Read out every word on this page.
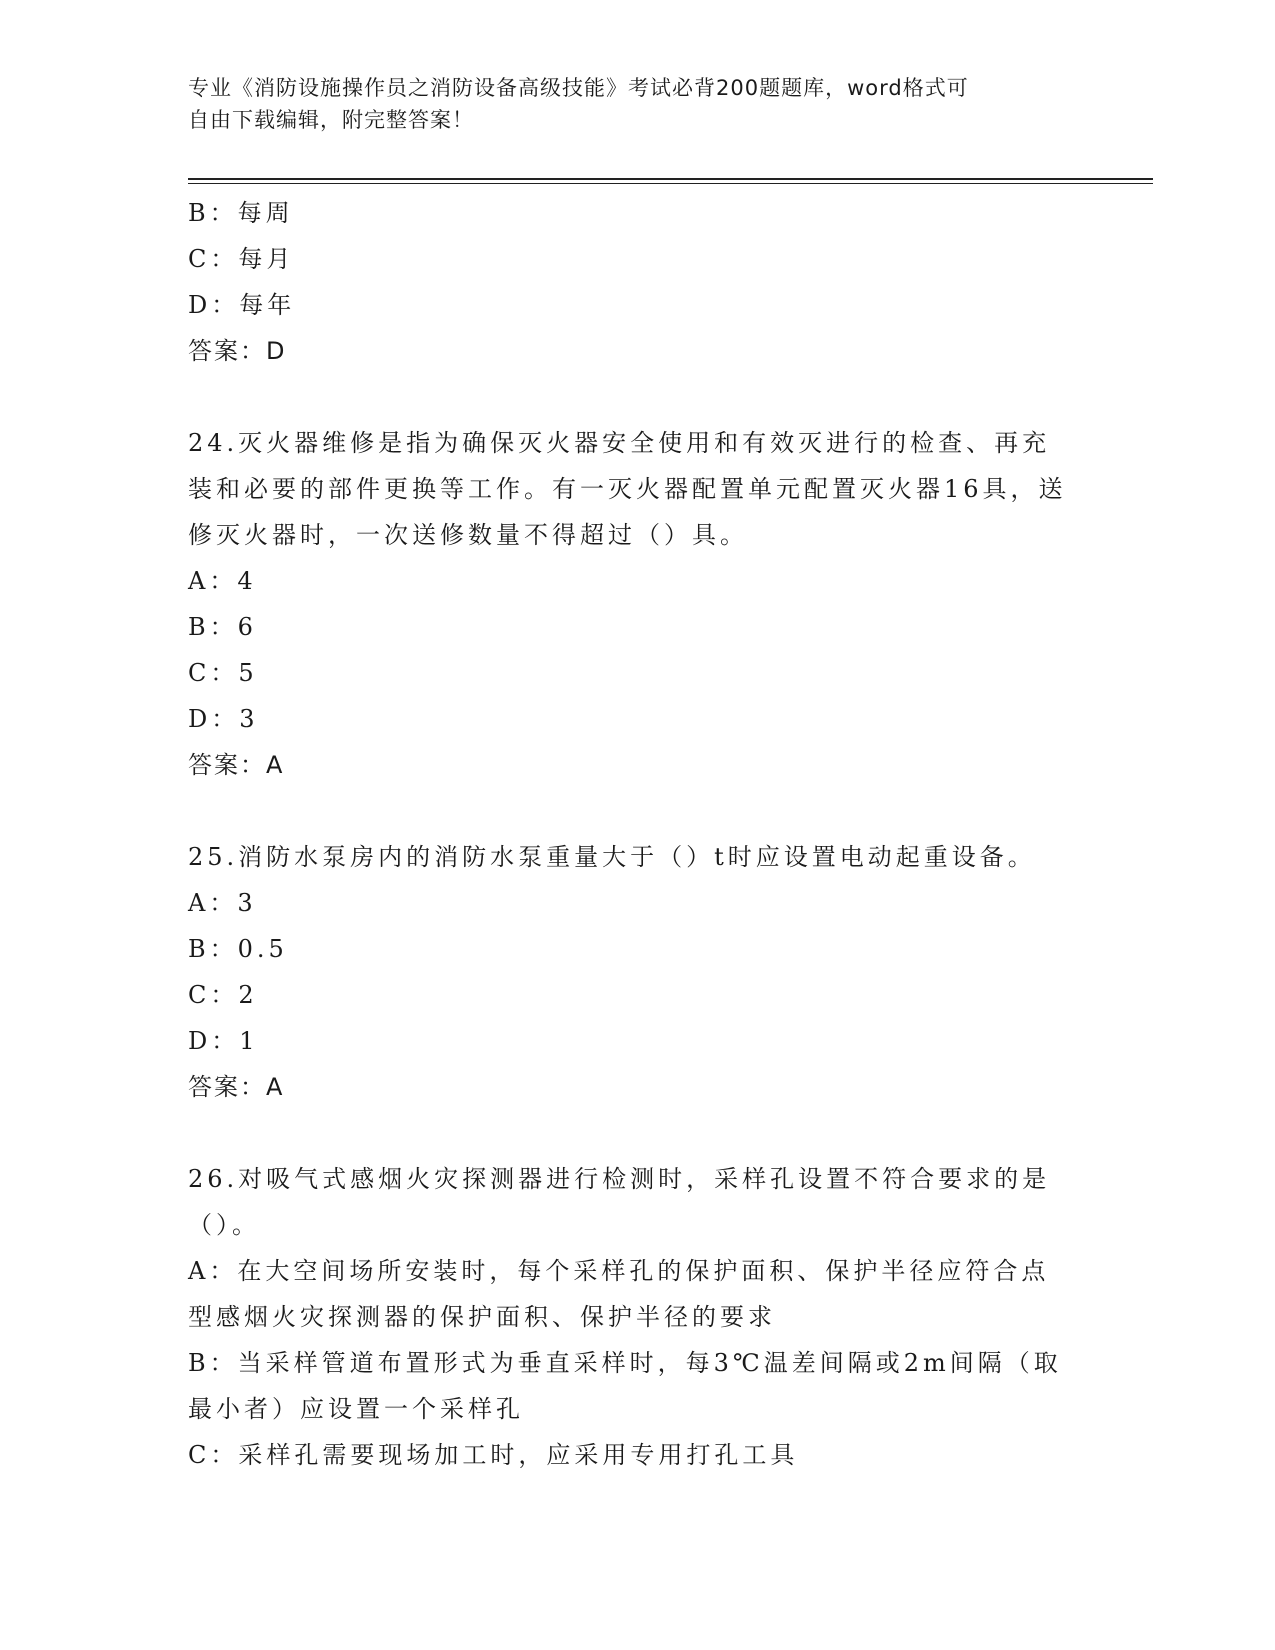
专业《消防设施操作员之消防设备高级技能》考试必背200题题库，word格式可
自由下载编辑，附完整答案！
B：每周
C：每月
D：每年
答案：D
24.灭火器维修是指为确保灭火器安全使用和有效灭进行的检查、再充装和必要的部件更换等工作。有一灭火器配置单元配置灭火器16具，送修灭火器时，一次送修数量不得超过（）具。
A：4
B：6
C：5
D：3
答案：A
25.消防水泵房内的消防水泵重量大于（）t时应设置电动起重设备。
A：3
B：0.5
C：2
D：1
答案：A
26.对吸气式感烟火灾探测器进行检测时，采样孔设置不符合要求的是（）。
A：在大空间场所安装时，每个采样孔的保护面积、保护半径应符合点型感烟火灾探测器的保护面积、保护半径的要求
B：当采样管道布置形式为垂直采样时，每3℃温差间隔或2m间隔（取最小者）应设置一个采样孔
C：采样孔需要现场加工时，应采用专用打孔工具
